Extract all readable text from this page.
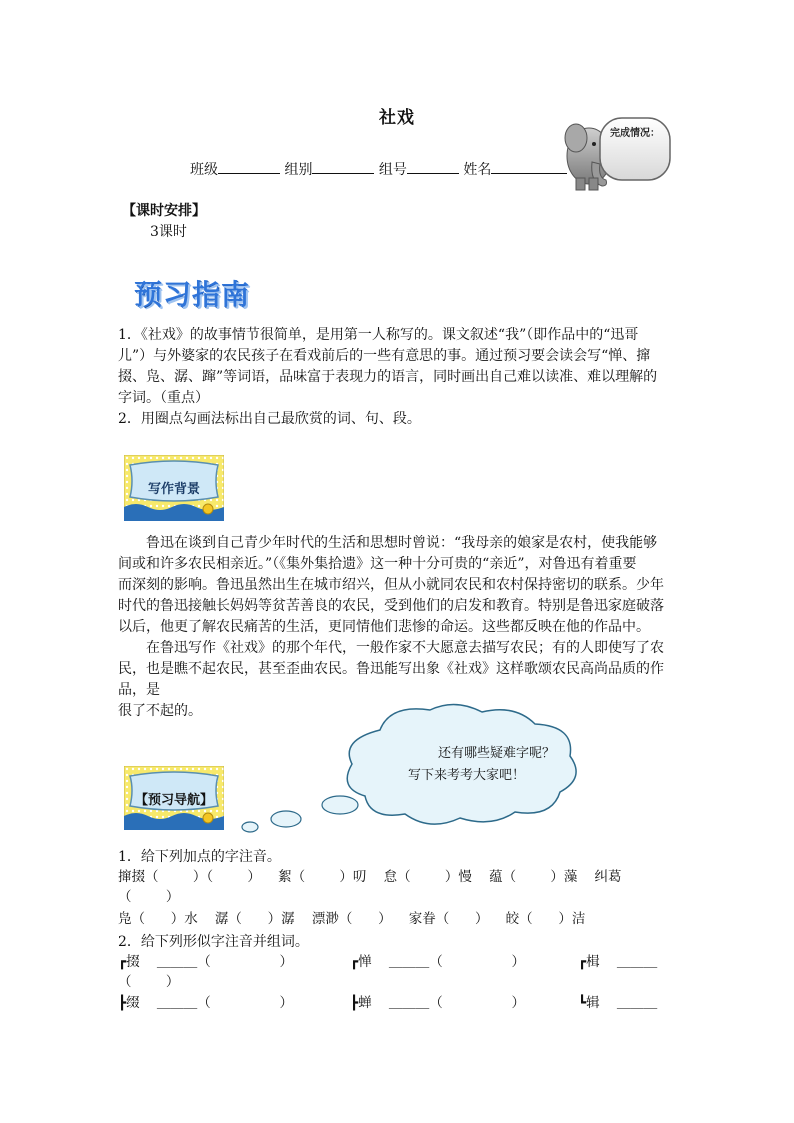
社戏
班级	组别	组号	姓名
完成情况：
【课时安排】
3课时
预习指南
1．《社戏》的故事情节很简单，是用第一人称写的。课文叙述“我”（即作品中的“迅哥
儿”）与外婆家的农民孩子在看戏前后的一些有意思的事。通过预习要会读会写“惮、撺
掇、凫、潺、蹿”等词语，品味富于表现力的语言，同时画出自己难以读准、难以理解的
字词。（重点）
2．用圈点勾画法标出自己最欣赏的词、句、段。
写作背景
鲁迅在谈到自己青少年时代的生活和思想时曾说：“我母亲的娘家是农村，使我能够
间或和许多农民相亲近。”（《集外集拾遗》这一种十分可贵的“亲近”，对鲁迅有着重要
而深刻的影响。鲁迅虽然出生在城市绍兴，但从小就同农民和农村保持密切的联系。少年
时代的鲁迅接触长妈妈等贫苦善良的农民，受到他们的启发和教育。特别是鲁迅家庭破落
以后，他更了解农民痛苦的生活，更同情他们悲惨的命运。这些都反映在他的作品中。
在鲁迅写作《社戏》的那个年代，一般作家不大愿意去描写农民；有的人即使写了农
民，也是瞧不起农民，甚至歪曲农民。鲁迅能写出象《社戏》这样歌颂农民高尚品质的作
品，是
很了不起的。
还有哪些疑难字呢？
写下来考考大家吧！
【预习导航】
1．给下列加点的字注音。
撺掇（        ）（        ）    絮（        ）叨    怠（        ）慢    蕴（        ）藻    纠葛
（        ）
凫（      ）水    潺（      ）潺    漂渺（      ）    家眷（      ）    皎（      ）洁
2．给下列形似字注音并组词。
┏掇 ＿＿＿（                ）	┏惮 ＿＿＿（                ）	┏楫 ＿＿＿
（        ）
┣缀 ＿＿＿（                ）	┣蝉 ＿＿＿（                ）	┗辑 ＿＿＿
